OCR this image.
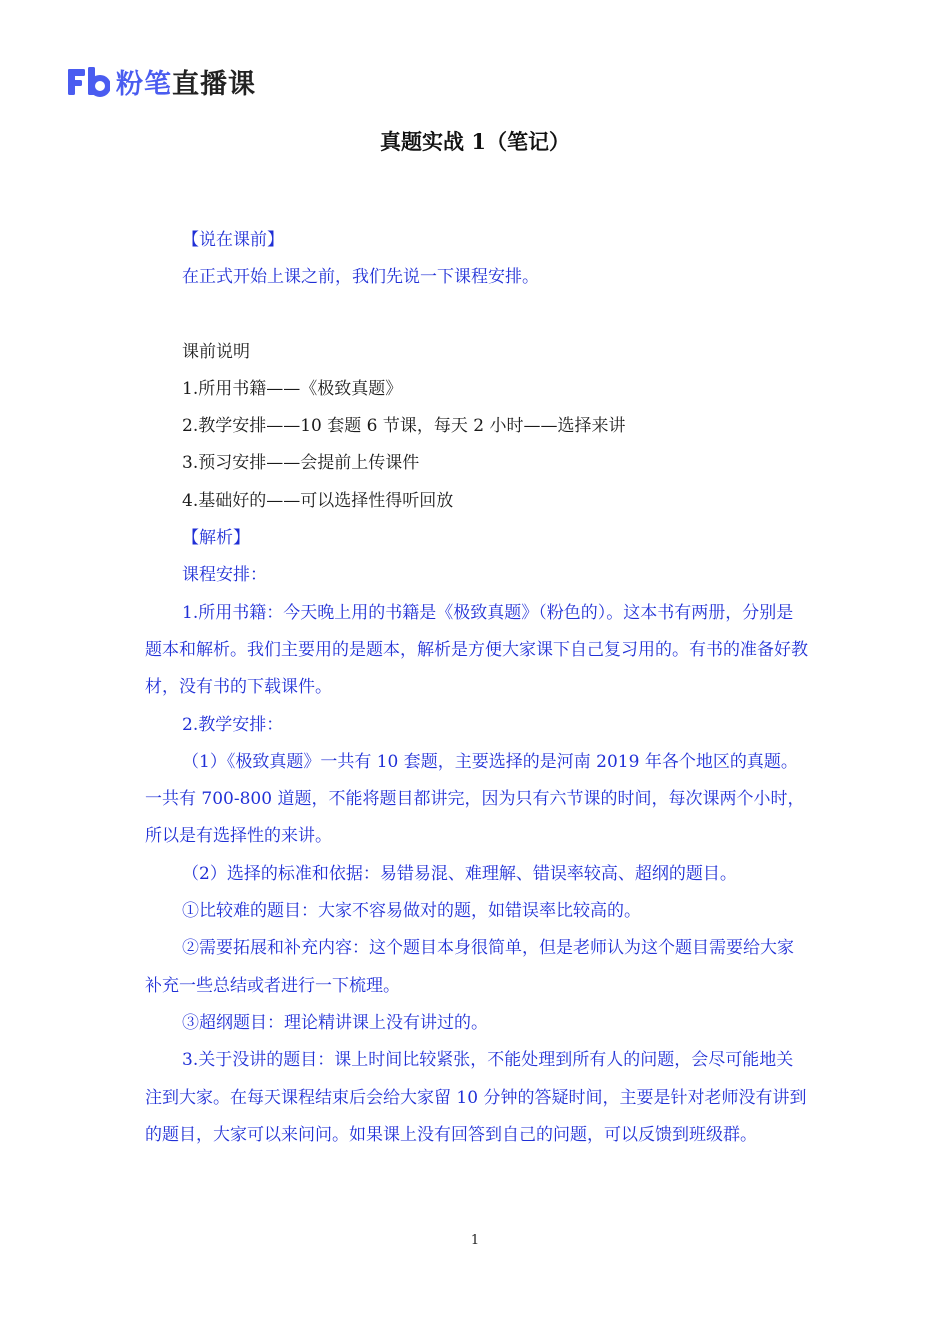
粉笔直播课
真题实战 1（笔记）

【说在课前】

在正式开始上课之前，我们先说一下课程安排。

课前说明

1.所用书籍——《极致真题》

2.教学安排——10 套题 6 节课，每天 2 小时——选择来讲

3.预习安排——会提前上传课件

4.基础好的——可以选择性得听回放

【解析】

课程安排：

1.所用书籍：今天晚上用的书籍是《极致真题》（粉色的）。这本书有两册，分别是题本和解析。我们主要用的是题本，解析是方便大家课下自己复习用的。有书的准备好教材，没有书的下载课件。

2.教学安排：

（1）《极致真题》一共有 10 套题，主要选择的是河南 2019 年各个地区的真题。一共有 700-800 道题，不能将题目都讲完，因为只有六节课的时间，每次课两个小时，所以是有选择性的来讲。

（2）选择的标准和依据：易错易混、难理解、错误率较高、超纲的题目。

①比较难的题目：大家不容易做对的题，如错误率比较高的。

②需要拓展和补充内容：这个题目本身很简单，但是老师认为这个题目需要给大家补充一些总结或者进行一下梳理。

③超纲题目：理论精讲课上没有讲过的。

3.关于没讲的题目：课上时间比较紧张，不能处理到所有人的问题，会尽可能地关注到大家。在每天课程结束后会给大家留 10 分钟的答疑时间，主要是针对老师没有讲到的题目，大家可以来问问。如果课上没有回答到自己的问题，可以反馈到班级群。

1
